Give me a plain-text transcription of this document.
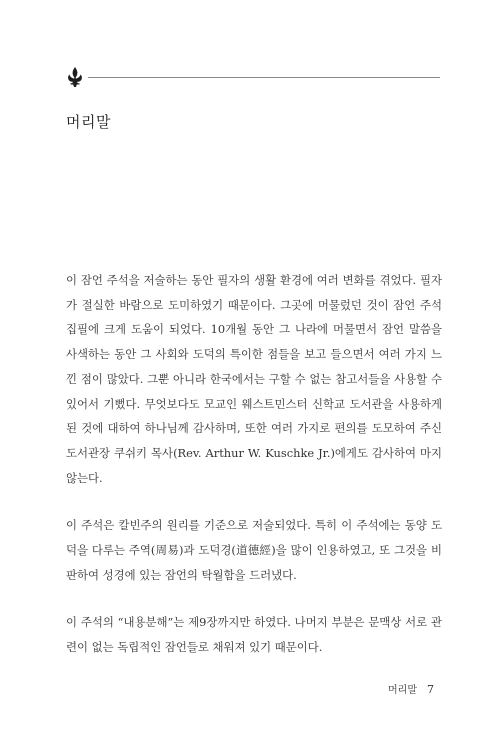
머리말

이 잠언 주석을 저술하는 동안 필자의 생활 환경에 여러 변화를 겪었다. 필자가 절실한 바람으로 도미하였기 때문이다. 그곳에 머물렀던 것이 잠언 주석 집필에 크게 도움이 되었다. 10개월 동안 그 나라에 머물면서 잠언 말씀을 사색하는 동안 그 사회와 도덕의 특이한 점들을 보고 들으면서 여러 가지 느낀 점이 많았다. 그뿐 아니라 한국에서는 구할 수 없는 참고서들을 사용할 수 있어서 기뻤다. 무엇보다도 모교인 웨스트민스터 신학교 도서관을 사용하게 된 것에 대하여 하나님께 감사하며, 또한 여러 가지로 편의를 도모하여 주신 도서관장 쿠쉬키 목사(Rev. Arthur W. Kuschke Jr.)에게도 감사하여 마지않는다.

이 주석은 칼빈주의 원리를 기준으로 저술되었다. 특히 이 주석에는 동양 도덕을 다루는 주역(周易)과 도덕경(道德經)을 많이 인용하였고, 또 그것을 비판하여 성경에 있는 잠언의 탁월함을 드러냈다.

이 주석의 “내용분해”는 제9장까지만 하였다. 나머지 부분은 문맥상 서로 관련이 없는 독립적인 잠언들로 채워져 있기 때문이다.

머리말 7
